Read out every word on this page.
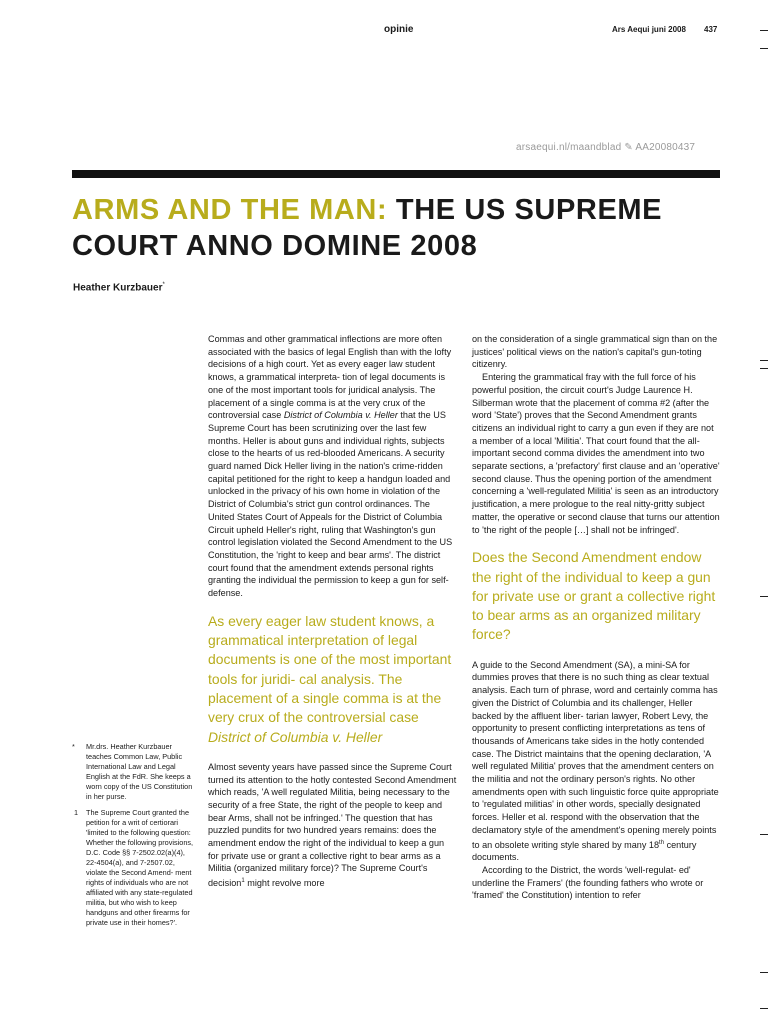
opinie	Ars Aequi juni 2008 437
arsaequi.nl/maandblad ✎ AA20080437
ARMS AND THE MAN: THE US SUPREME COURT ANNO DOMINE 2008
Heather Kurzbauer*
* Mr.drs. Heather Kurzbauer teaches Common Law, Public International Law and Legal English at the FdR. She keeps a worn copy of the US Constitution in her purse.
1 The Supreme Court granted the petition for a writ of certiorari 'limited to the following question: Whether the following provisions, D.C. Code §§ 7-2502.02(a)(4), 22-4504(a), and 7-2507.02, violate the Second Amend- ment rights of individuals who are not affiliated with any state-regulated militia, but who wish to keep handguns and other firearms for private use in their homes?'.

Commas and other grammatical inflections are more often associated with the basics of legal English than with the lofty decisions of a high court. Yet as every eager law student knows, a grammatical interpreta- tion of legal documents is one of the most important tools for juridical analysis. The placement of a single comma is at the very crux of the controversial case District of Columbia v. Heller that the US Supreme Court has been scrutinizing over the last few months. Heller is about guns and individual rights, subjects close to the hearts of us red-blooded Americans. A security guard named Dick Heller living in the nation's crime-ridden capital petitioned for the right to keep a handgun loaded and unlocked in the privacy of his own home in violation of the District of Columbia's strict gun control ordinances. The United States Court of Appeals for the District of Columbia Circuit upheld Heller's right, ruling that Washington's gun control legislation violated the Second Amendment to the US Constitution, the 'right to keep and bear arms'. The district court found that the amendment extends personal rights granting the individual the permission to keep a gun for self-defense.

As every eager law student knows, a grammatical interpretation of legal documents is one of the most important tools for juridi- cal analysis. The placement of a single comma is at the very crux of the controversial case District of Columbia v. Heller

Almost seventy years have passed since the Supreme Court turned its attention to the hotly contested Second Amendment which reads, 'A well regulated Militia, being necessary to the security of a free State, the right of the people to keep and bear Arms, shall not be infringed.' The question that has puzzled pundits for two hundred years remains: does the amendment endow the right of the individual to keep a gun for private use or grant a collective right to bear arms as a Militia (organized military force)? The Supreme Court's decision$^1$ might revolve more

on the consideration of a single grammatical sign than on the justices' political views on the nation's capital's gun-toting citizenry.

Entering the grammatical fray with the full force of his powerful position, the circuit court's Judge Laurence H. Silberman wrote that the placement of comma #2 (after the word 'State') proves that the Second Amendment grants citizens an individual right to carry a gun even if they are not a member of a local 'Militia'. That court found that the all-important second comma divides the amendment into two separate sections, a 'prefactory' first clause and an 'operative' second clause. Thus the opening portion of the amendment concerning a 'well-regulated Militia' is seen as an introductory justification, a mere prologue to the real nitty-gritty subject matter, the operative or second clause that turns our attention to 'the right of the people […] shall not be infringed'.

Does the Second Amendment endow the right of the individual to keep a gun for private use or grant a collective right to bear arms as an organized military force?

A guide to the Second Amendment (SA), a mini-SA for dummies proves that there is no such thing as clear textual analysis. Each turn of phrase, word and certainly comma has given the District of Columbia and its challenger, Heller backed by the affluent liber- tarian lawyer, Robert Levy, the opportunity to present conflicting interpretations as tens of thousands of Americans take sides in the hotly contended case. The District maintains that the opening declaration, 'A well regulated Militia' proves that the amendment centers on the militia and not the ordinary person's rights. No other amendments open with such linguistic force quite appropriate to 'regulated militias' in other words, specially designated forces. Heller et al. respond with the observation that the declamatory style of the amendment's opening merely points to an obsolete writing style shared by many 18th century documents.

According to the District, the words 'well-regulat- ed' underline the Framers' (the founding fathers who wrote or 'framed' the Constitution) intention to refer
